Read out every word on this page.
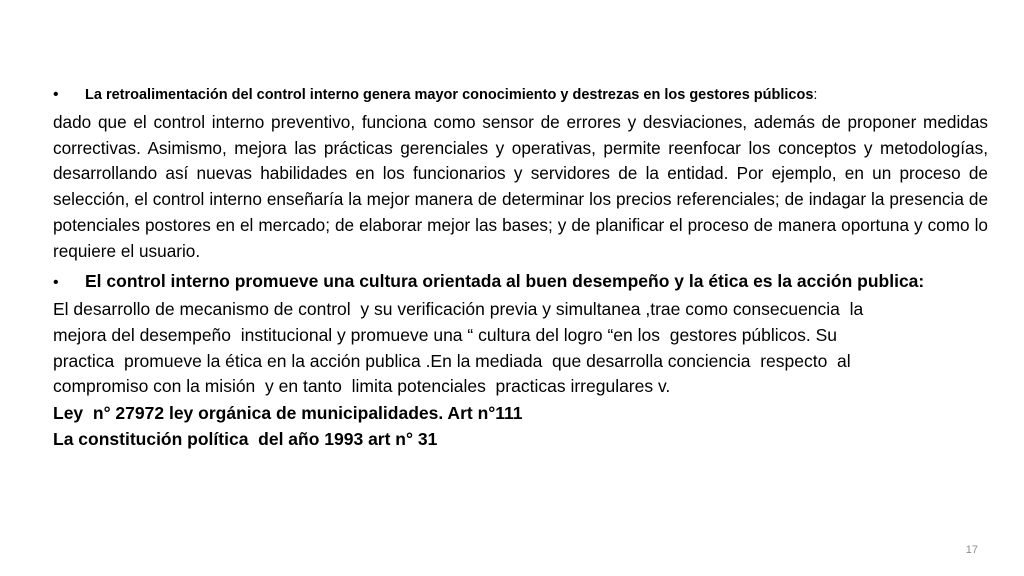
•	La retroalimentación del control interno genera mayor conocimiento y destrezas en los gestores públicos:
dado que el control interno preventivo, funciona como sensor de errores y desviaciones, además de proponer medidas correctivas. Asimismo, mejora las prácticas gerenciales y operativas, permite reenfocar los conceptos y metodologías, desarrollando así nuevas habilidades en los funcionarios y servidores de la entidad. Por ejemplo, en un proceso de selección, el control interno enseñaría la mejor manera de determinar los precios referenciales; de indagar la presencia de potenciales postores en el mercado; de elaborar mejor las bases; y de planificar el proceso de manera oportuna y como lo requiere el usuario.
•	El control interno promueve una cultura orientada al buen desempeño y la ética es la acción publica:
El desarrollo de mecanismo de control  y su verificación previa y simultanea ,trae como consecuencia  la
mejora del desempeño  institucional y promueve una “ cultura del logro “en los  gestores públicos. Su
practica  promueve la ética en la acción publica .En la mediada  que desarrolla conciencia  respecto  al
compromiso con la misión  y en tanto  limita potenciales  practicas irregulares v.
Ley  n° 27972 ley orgánica de municipalidades. Art n°111
La constitución política  del año 1993 art n° 31
17
